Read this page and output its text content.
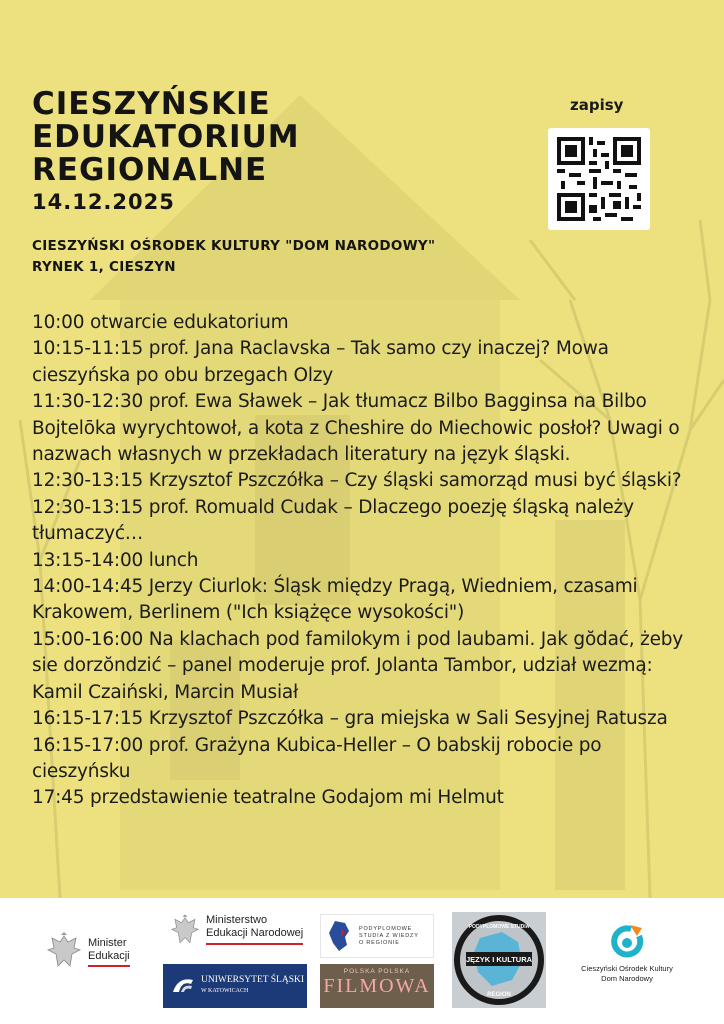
CIESZYŃSKIE
EDUKATORIUM
REGIONALNE
14.12.2025
CIESZYŃSKI OŚRODEK KULTURY "DOM NARODOWY"
RYNEK 1, CIESZYN
zapisy
10:00 otwarcie edukatorium
10:15-11:15 prof. Jana Raclavska – Tak samo czy inaczej? Mowa cieszyńska po obu brzegach Olzy
11:30-12:30 prof. Ewa Sławek – Jak tłumacz Bilbo Bagginsa na Bilbo Bojtelōka wyrychtowoł, a kota z Cheshire do Miechowic posłoł? Uwagi o nazwach własnych w przekładach literatury na język śląski.
12:30-13:15 Krzysztof Pszczółka – Czy śląski samorząd musi być śląski?
12:30-13:15 prof. Romuald Cudak – Dlaczego poezję śląską należy tłumaczyć…
13:15-14:00 lunch
14:00-14:45 Jerzy Ciurlok: Śląsk między Pragą, Wiedniem, czasami Krakowem, Berlinem ("Ich książęce wysokości")
15:00-16:00 Na klachach pod familokym i pod laubami. Jak gŏdać, żeby sie dorzŏndzić – panel moderuje prof. Jolanta Tambor, udział wezmą: Kamil Czaiński, Marcin Musiał
16:15-17:15 Krzysztof Pszczółka – gra miejska w Sali Sesyjnej Ratusza
16:15-17:00 prof. Grażyna Kubica-Heller – O babskij robocie po cieszyńsku
17:45 przedstawienie teatralne Godajom mi Helmut
Minister
Edukacji
Ministerstwo
Edukacji Narodowej
UNIWERSYTET ŚLĄSKI
W KATOWICACH
PODYPLOMOWE
STUDIA Z WIEDZY
O REGIONIE
POLSKA POLSKA
FILMOWA
JĘZYK I KULTURA
PODYPLOMOWE STUDIA
REGION
Cieszyński Ośrodek Kultury
Dom Narodowy
